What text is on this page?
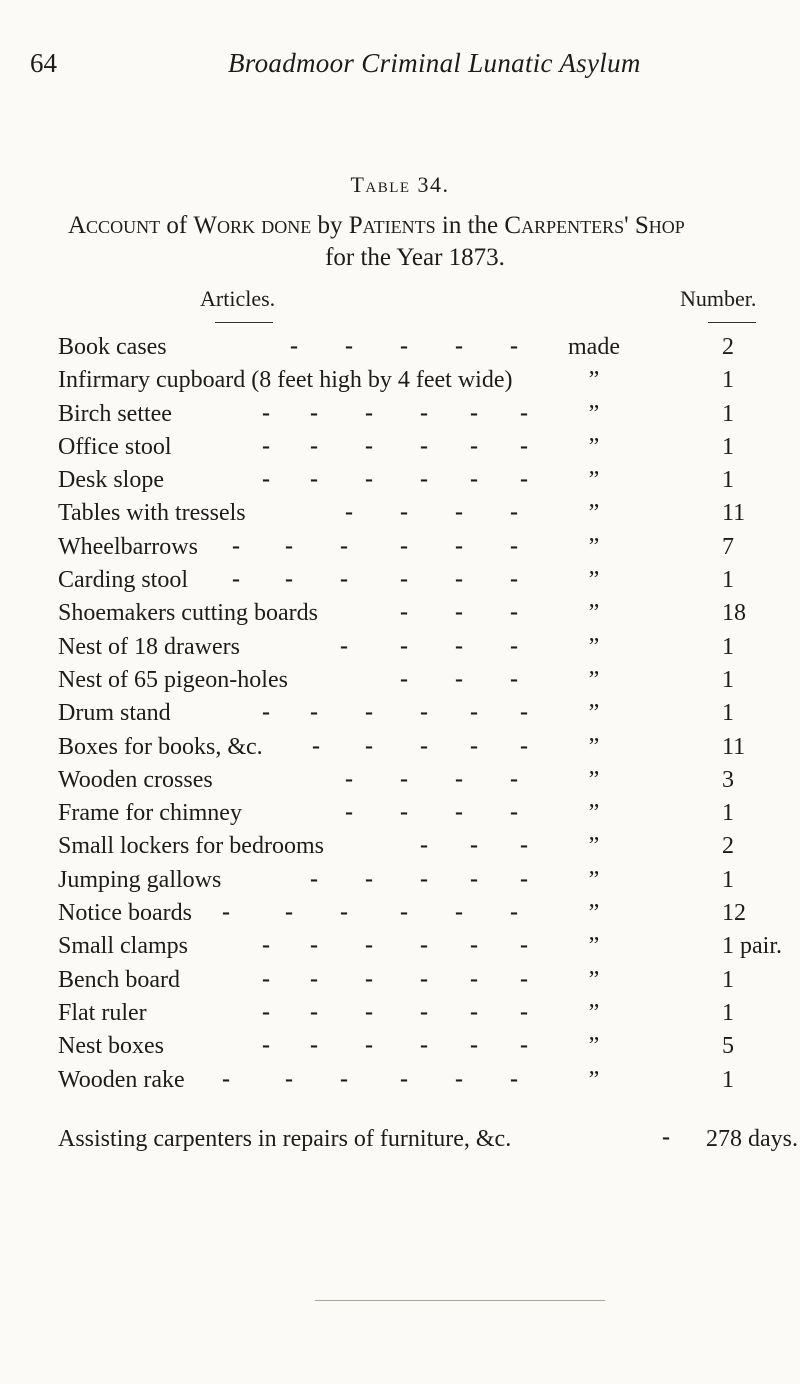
64	Broadmoor Criminal Lunatic Asylum
Table 34.
Account of Work done by Patients in the Carpenters' Shop
for the Year 1873.
Articles.	Number.
- - - - -
Book cases	made	2
Infirmary cupboard (8 feet high by 4 feet wide)	”	1
- - - - - -
Birch settee	”	1
- - - - - -
Office stool	”	1
- - - - - -
Desk slope	”	1
- - - -
Tables with tressels	”	11
- - - - - -
Wheelbarrows	”	7
- - - - - -
Carding stool	”	1
- - -
Shoemakers cutting boards	”	18
- - - -
Nest of 18 drawers	”	1
- - -
Nest of 65 pigeon-holes	”	1
- - - - - -
Drum stand	”	1
- - - - -
Boxes for books, &c.	”	11
- - - -
Wooden crosses	”	3
- - - -
Frame for chimney	”	1
- - -
Small lockers for bedrooms	”	2
- - - - -
Jumping gallows	”	1
- - - - - -
Notice boards	”	12
- - - - - -
Small clamps	”	1 pair.
- - - - - -
Bench board	”	1
- - - - - -
Flat ruler	”	1
- - - - - -
Nest boxes	”	5
- - - - - -
Wooden rake	”	1
Assisting carpenters in repairs of furniture, &c.	- 278 days.
